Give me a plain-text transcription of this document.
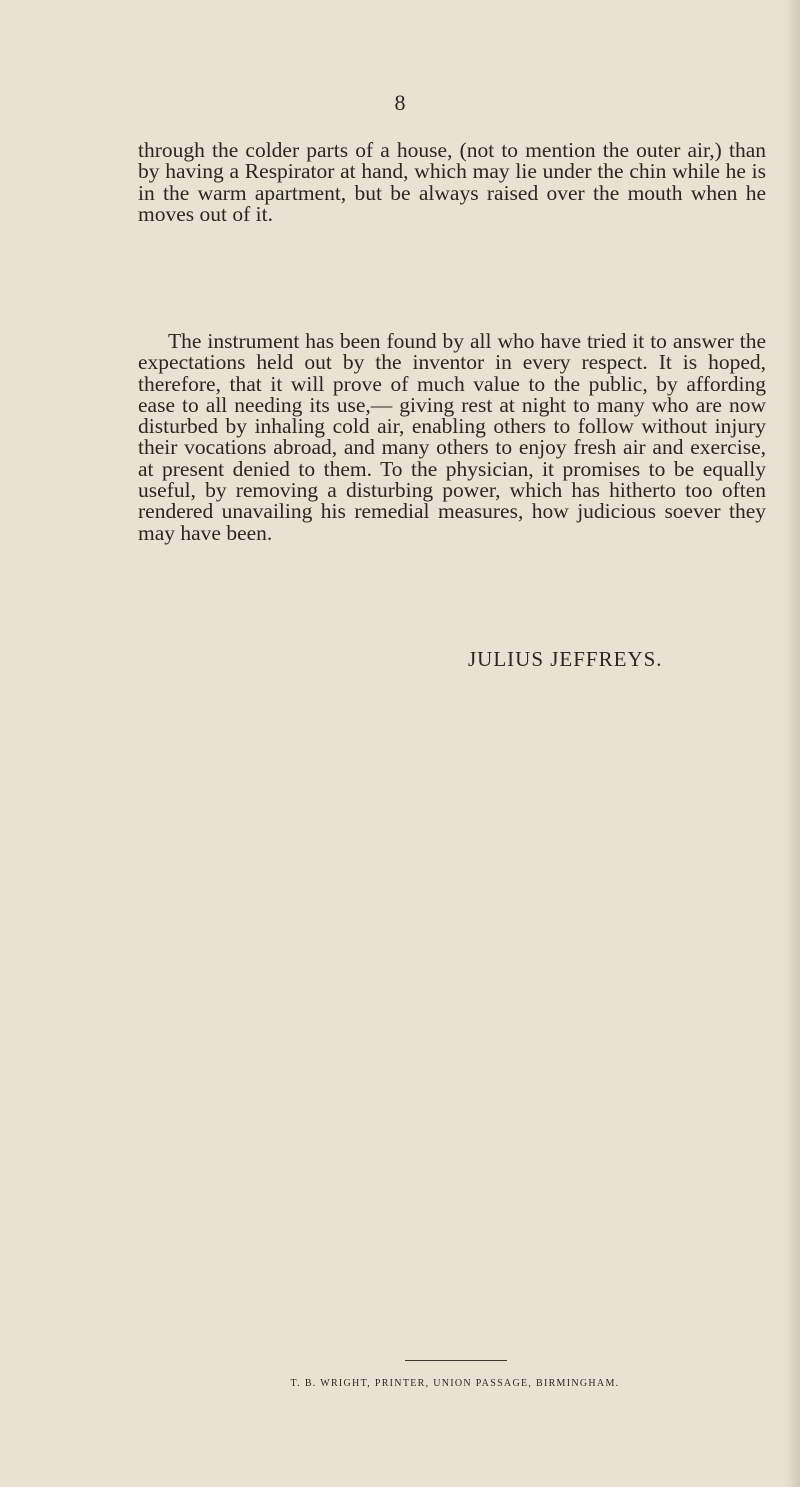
8

through the colder parts of a house, (not to mention the outer air,) than by having a Respirator at hand, which may lie under the chin while he is in the warm apartment, but be always raised over the mouth when he moves out of it.

The instrument has been found by all who have tried it to answer the expectations held out by the inventor in every respect. It is hoped, therefore, that it will prove of much value to the public, by affording ease to all needing its use,— giving rest at night to many who are now disturbed by inhaling cold air, enabling others to follow without injury their vocations abroad, and many others to enjoy fresh air and exercise, at present denied to them. To the physician, it promises to be equally useful, by removing a disturbing power, which has hitherto too often rendered unavailing his remedial measures, how judicious soever they may have been.

JULIUS JEFFREYS.
T. B. WRIGHT, PRINTER, UNION PASSAGE, BIRMINGHAM.
